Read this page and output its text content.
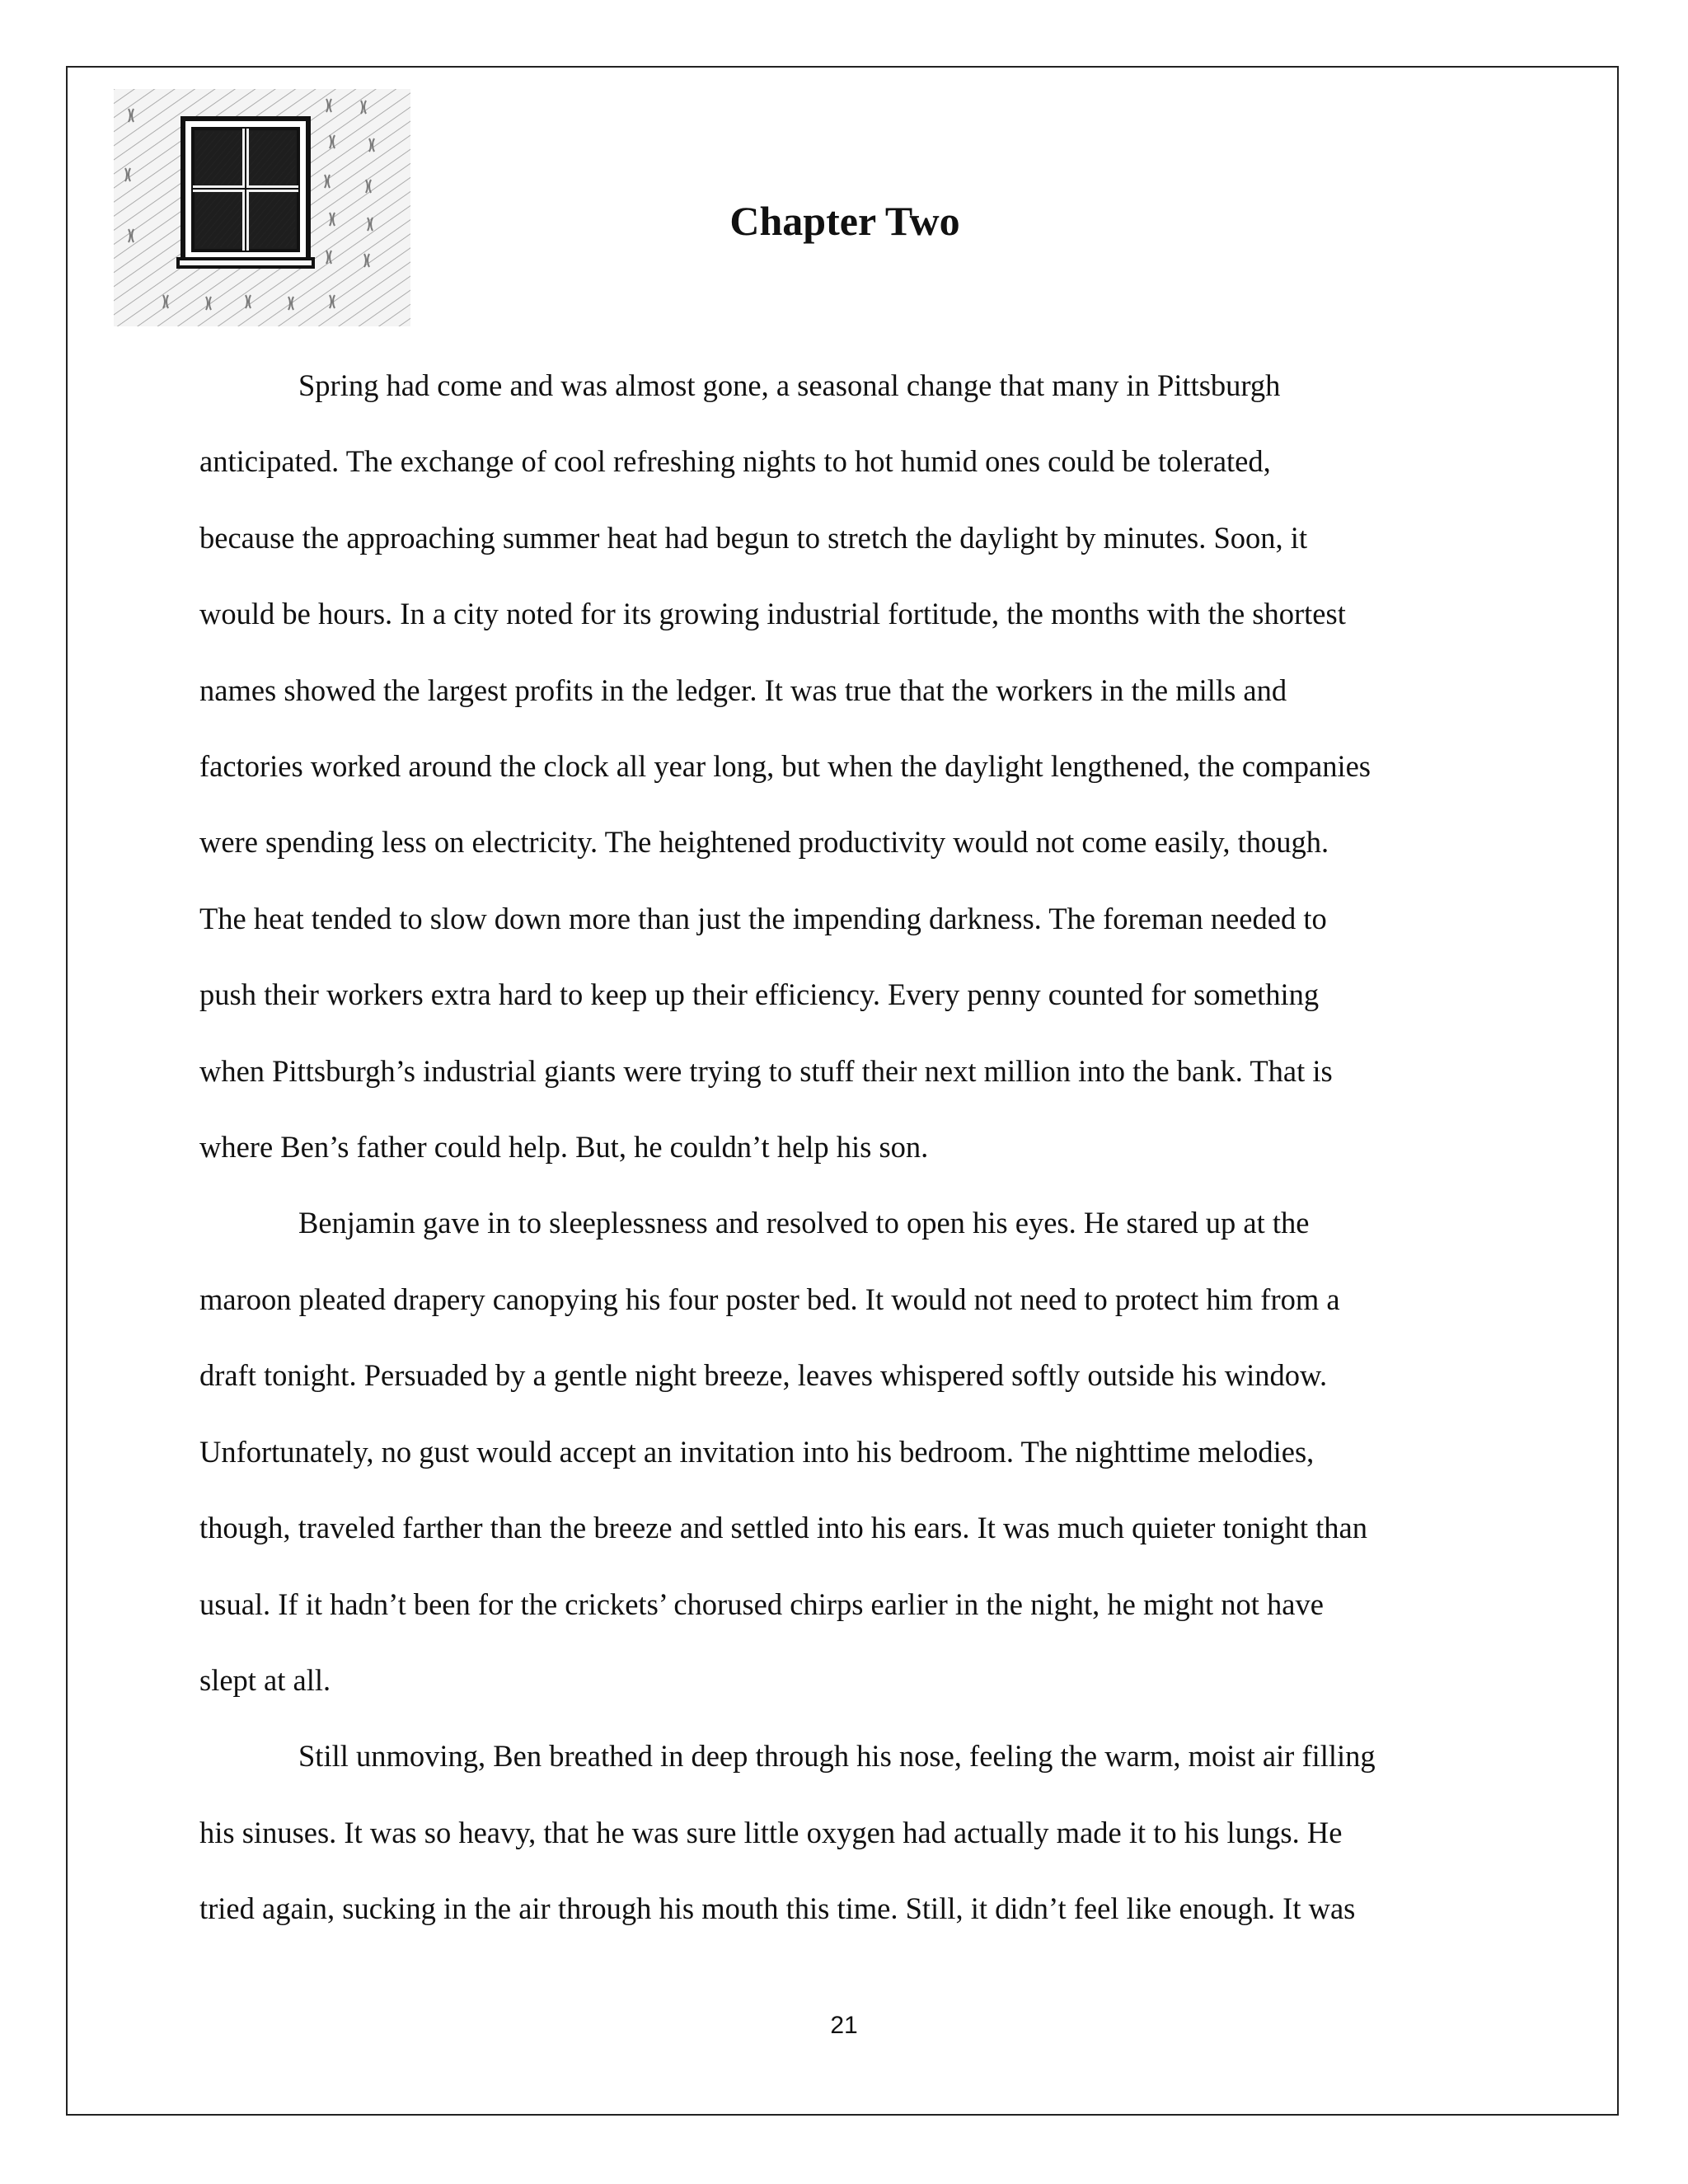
Chapter Two

Spring had come and was almost gone, a seasonal change that many in Pittsburgh
anticipated. The exchange of cool refreshing nights to hot humid ones could be tolerated,
because the approaching summer heat had begun to stretch the daylight by minutes. Soon, it
would be hours. In a city noted for its growing industrial fortitude, the months with the shortest
names showed the largest profits in the ledger. It was true that the workers in the mills and
factories worked around the clock all year long, but when the daylight lengthened, the companies
were spending less on electricity. The heightened productivity would not come easily, though.
The heat tended to slow down more than just the impending darkness. The foreman needed to
push their workers extra hard to keep up their efficiency. Every penny counted for something
when Pittsburgh’s industrial giants were trying to stuff their next million into the bank. That is
where Ben’s father could help. But, he couldn’t help his son.

Benjamin gave in to sleeplessness and resolved to open his eyes. He stared up at the
maroon pleated drapery canopying his four poster bed. It would not need to protect him from a
draft tonight. Persuaded by a gentle night breeze, leaves whispered softly outside his window.
Unfortunately, no gust would accept an invitation into his bedroom. The nighttime melodies,
though, traveled farther than the breeze and settled into his ears. It was much quieter tonight than
usual. If it hadn’t been for the crickets’ chorused chirps earlier in the night, he might not have
slept at all.

Still unmoving, Ben breathed in deep through his nose, feeling the warm, moist air filling
his sinuses. It was so heavy, that he was sure little oxygen had actually made it to his lungs. He
tried again, sucking in the air through his mouth this time. Still, it didn’t feel like enough. It was

21
